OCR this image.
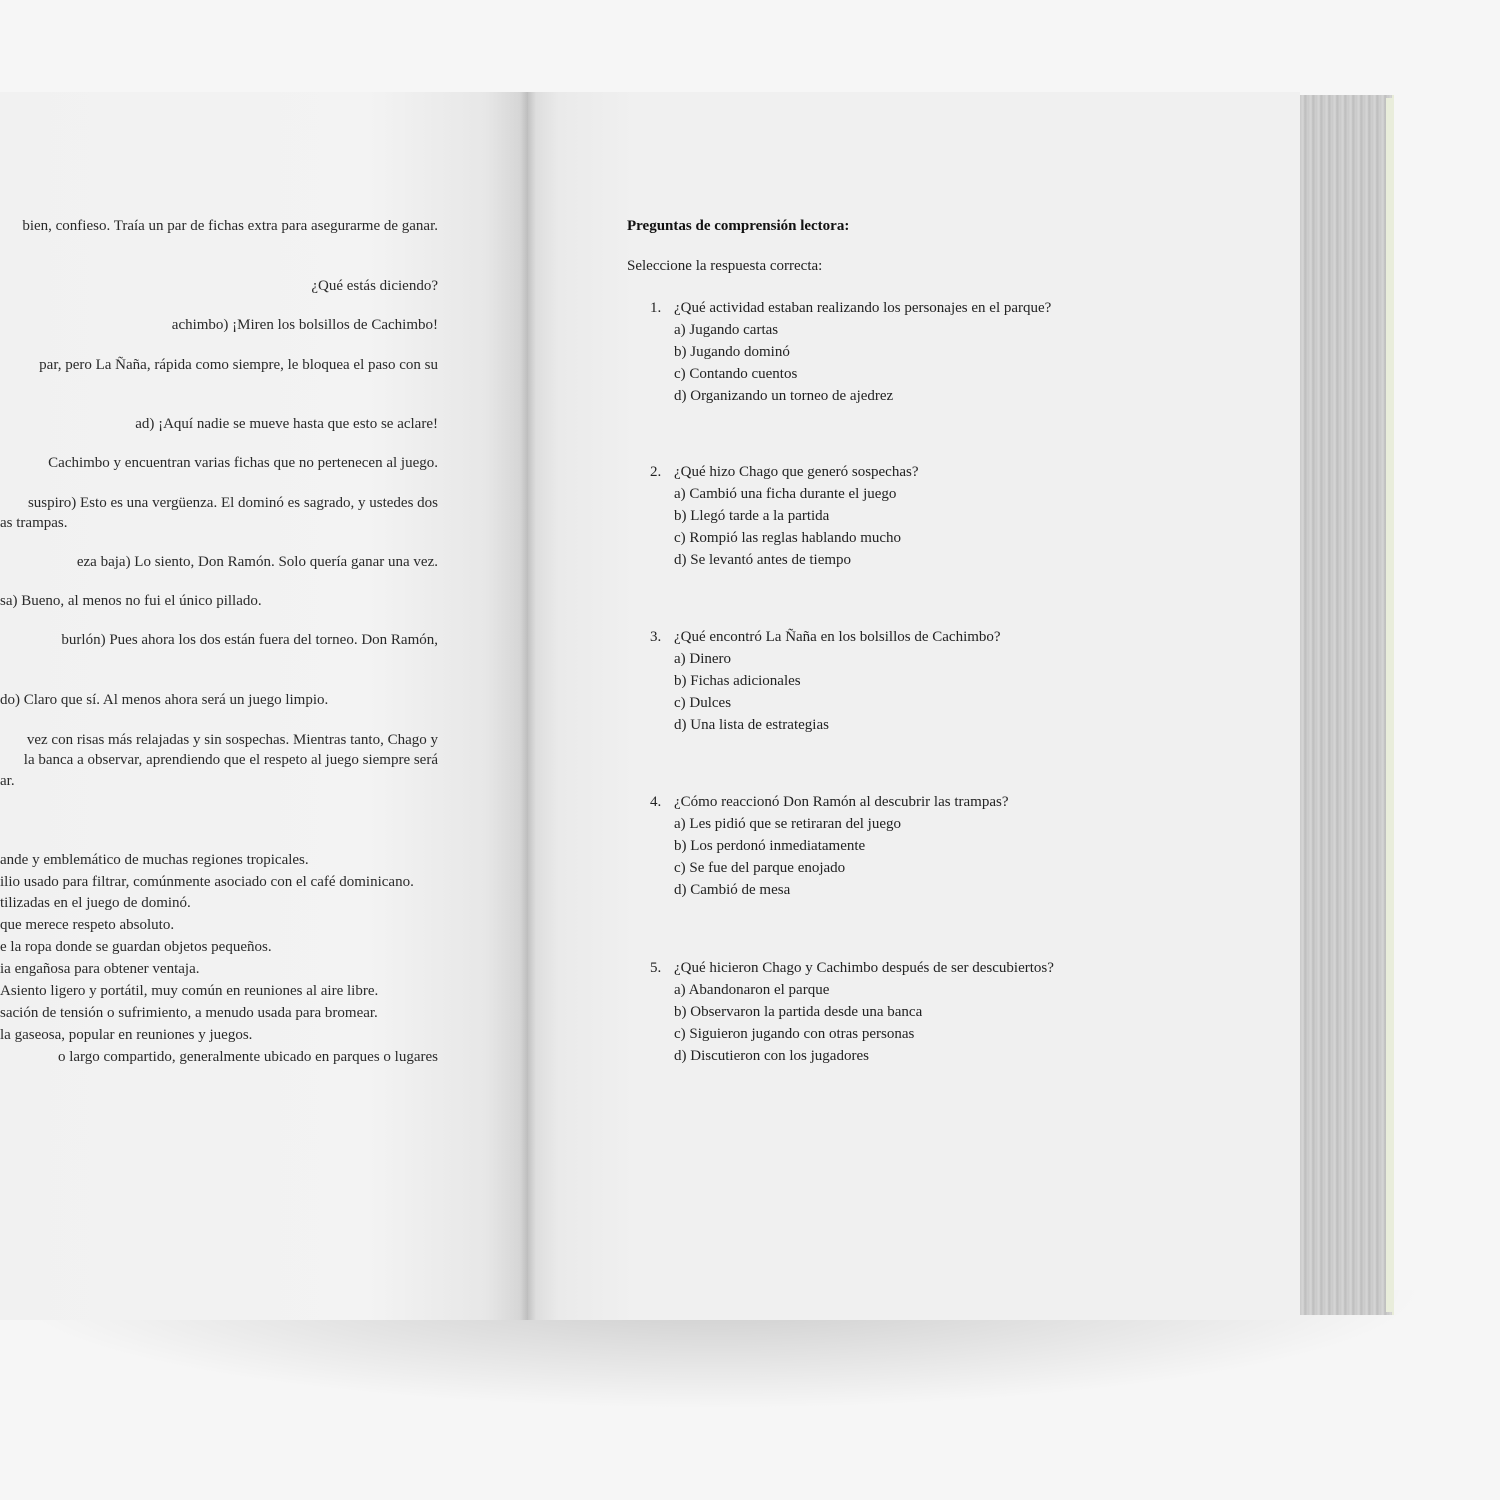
bien, confieso. Traía un par de fichas extra para asegurarme de ganar.
¿Qué estás diciendo?
achimbo) ¡Miren los bolsillos de Cachimbo!
par, pero La Ñaña, rápida como siempre, le bloquea el paso con su
ad) ¡Aquí nadie se mueve hasta que esto se aclare!
Cachimbo y encuentran varias fichas que no pertenecen al juego.
suspiro) Esto es una vergüenza. El dominó es sagrado, y ustedes dos
as trampas.
eza baja) Lo siento, Don Ramón. Solo quería ganar una vez.
sa) Bueno, al menos no fui el único pillado.
burlón) Pues ahora los dos están fuera del torneo. Don Ramón,
do) Claro que sí. Al menos ahora será un juego limpio.
vez con risas más relajadas y sin sospechas. Mientras tanto, Chago y
la banca a observar, aprendiendo que el respeto al juego siempre será
ar.
ande y emblemático de muchas regiones tropicales.
ilio usado para filtrar, comúnmente asociado con el café dominicano.
tilizadas en el juego de dominó.
que merece respeto absoluto.
e la ropa donde se guardan objetos pequeños.
ia engañosa para obtener ventaja.
Asiento ligero y portátil, muy común en reuniones al aire libre.
sación de tensión o sufrimiento, a menudo usada para bromear.
la gaseosa, popular en reuniones y juegos.
o largo compartido, generalmente ubicado en parques o lugares
Preguntas de comprensión lectora:
Seleccione la respuesta correcta:
1. ¿Qué actividad estaban realizando los personajes en el parque?
a) Jugando cartas
b) Jugando dominó
c) Contando cuentos
d) Organizando un torneo de ajedrez
2. ¿Qué hizo Chago que generó sospechas?
a) Cambió una ficha durante el juego
b) Llegó tarde a la partida
c) Rompió las reglas hablando mucho
d) Se levantó antes de tiempo
3. ¿Qué encontró La Ñaña en los bolsillos de Cachimbo?
a) Dinero
b) Fichas adicionales
c) Dulces
d) Una lista de estrategias
4. ¿Cómo reaccionó Don Ramón al descubrir las trampas?
a) Les pidió que se retiraran del juego
b) Los perdonó inmediatamente
c) Se fue del parque enojado
d) Cambió de mesa
5. ¿Qué hicieron Chago y Cachimbo después de ser descubiertos?
a) Abandonaron el parque
b) Observaron la partida desde una banca
c) Siguieron jugando con otras personas
d) Discutieron con los jugadores
